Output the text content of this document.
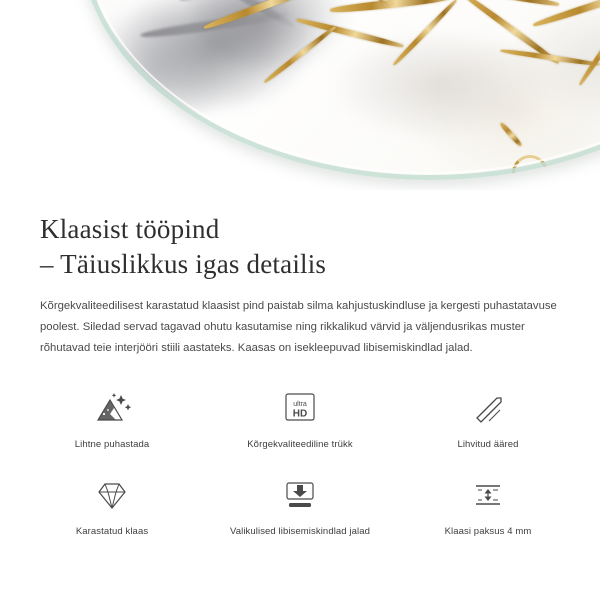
Klaasist tööpind
– Täiuslikkus igas detailis

Kõrgekvaliteedilisest karastatud klaasist pind paistab silma kahjustuskindluse ja kergesti puhastatavuse poolest. Siledad servad tagavad ohutu kasutamise ning rikkalikud värvid ja väljendusrikas muster rõhutavad teie interjööri stiili aastateks. Kaasas on isekleepuvad libisemiskindlad jalad.

Lihtne puhastada
ultra
HD
Kõrgekvaliteediline trükk	Lihvitud ääred
Karastatud klaas	Valikulised libisemiskindlad jalad	Klaasi paksus 4 mm
